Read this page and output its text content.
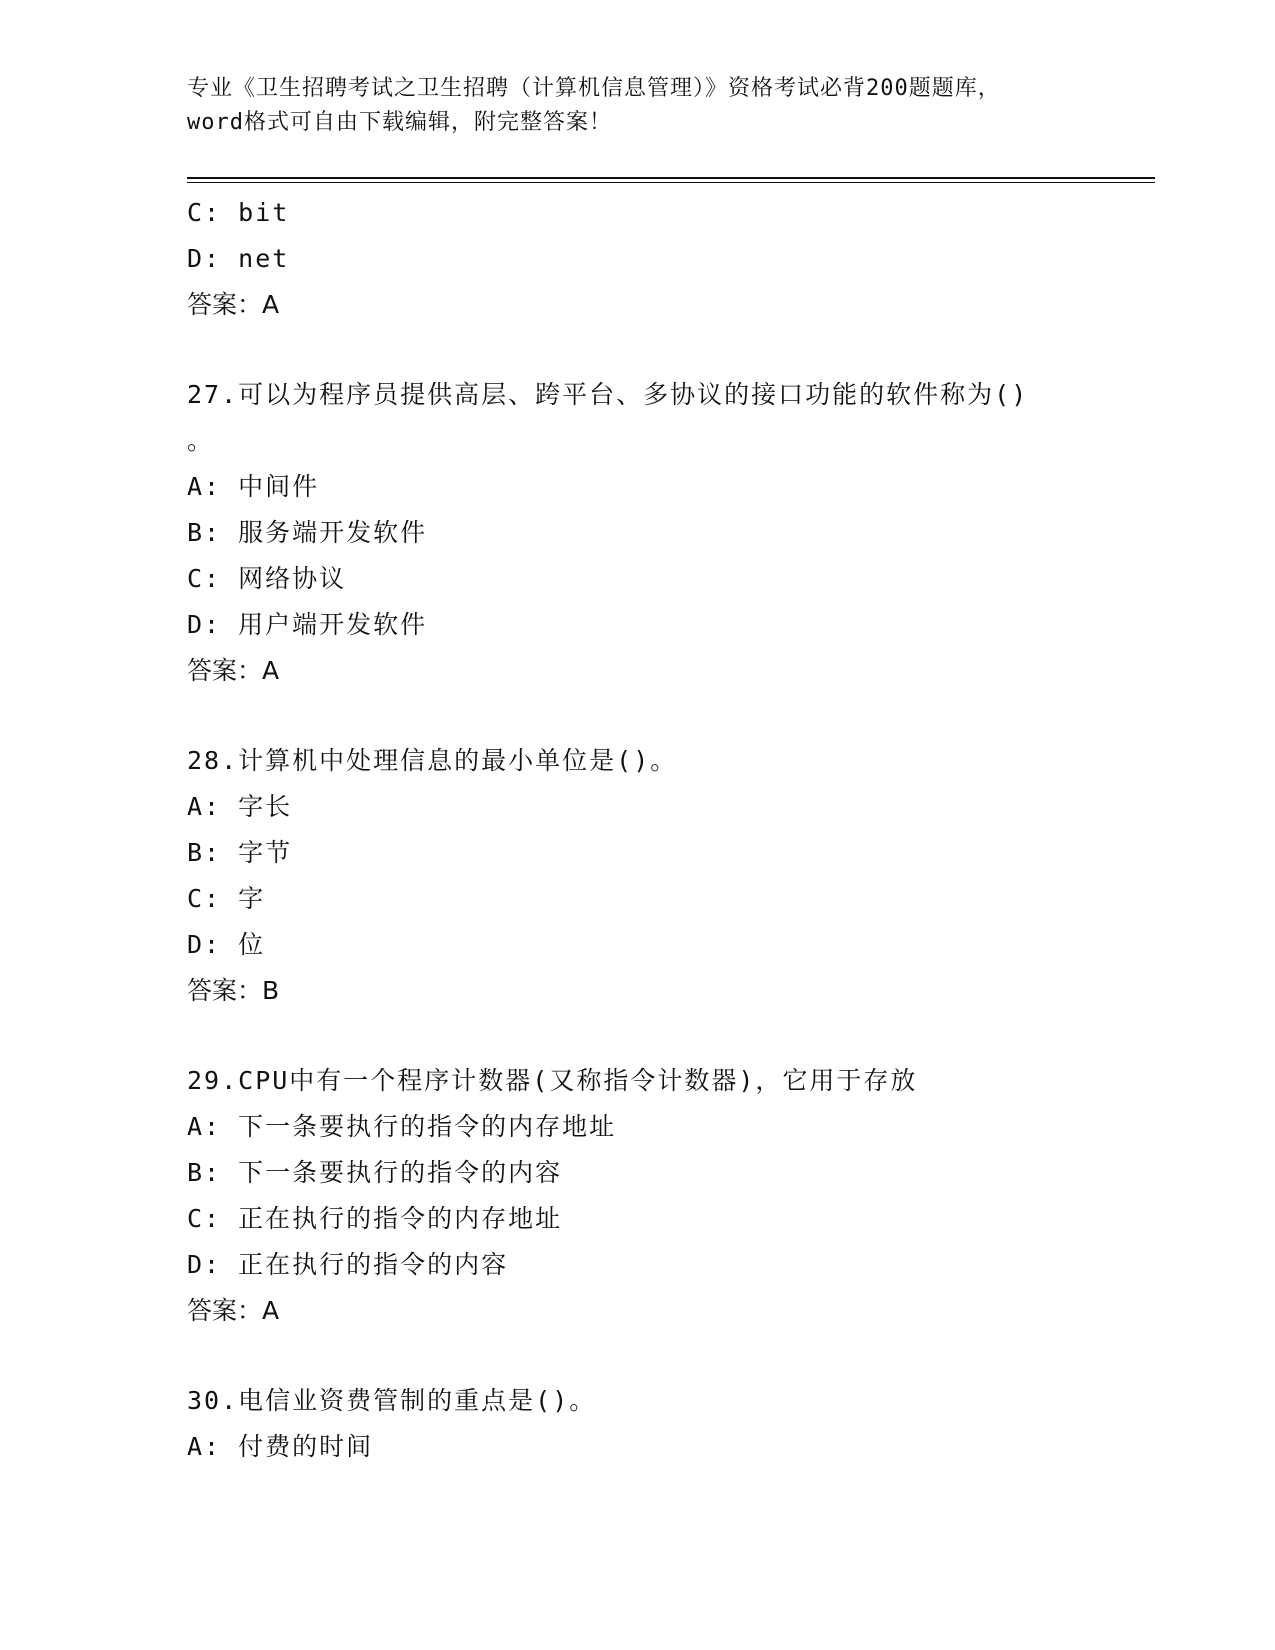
专业《卫生招聘考试之卫生招聘（计算机信息管理）》资格考试必背200题题库，
word格式可自由下载编辑，附完整答案！
C: bit
D: net
答案：A
27.可以为程序员提供高层、跨平台、多协议的接口功能的软件称为()
。
A: 中间件
B: 服务端开发软件
C: 网络协议
D: 用户端开发软件
答案：A
28.计算机中处理信息的最小单位是()。
A: 字长
B: 字节
C: 字
D: 位
答案：B
29.CPU中有一个程序计数器(又称指令计数器)，它用于存放
A: 下一条要执行的指令的内存地址
B: 下一条要执行的指令的内容
C: 正在执行的指令的内存地址
D: 正在执行的指令的内容
答案：A
30.电信业资费管制的重点是()。
A: 付费的时间
